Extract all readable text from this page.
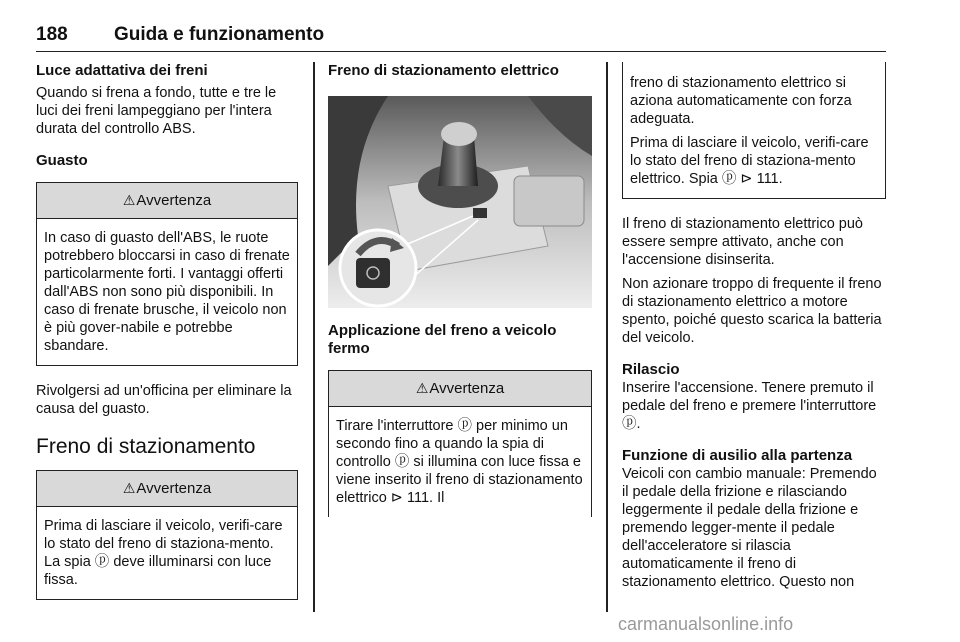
188 Guida e funzionamento
Luce adattativa dei freni
Quando si frena a fondo, tutte e tre le luci dei freni lampeggiano per l'intera durata del controllo ABS.
Guasto
⚠ Avvertenza
In caso di guasto dell'ABS, le ruote potrebbero bloccarsi in caso di frenate particolarmente forti. I vantaggi offerti dall'ABS non sono più disponibili. In caso di frenate brusche, il veicolo non è più gover-nabile e potrebbe sbandare.
Rivolgersi ad un'officina per eliminare la causa del guasto.
Freno di stazionamento
⚠ Avvertenza
Prima di lasciare il veicolo, verifi-care lo stato del freno di staziona-mento. La spia ⓟ deve illuminarsi con luce fissa.
Freno di stazionamento elettrico
Applicazione del freno a veicolo fermo
⚠ Avvertenza
Tirare l'interruttore ⓟ per minimo un secondo fino a quando la spia di controllo ⓟ si illumina con luce fissa e viene inserito il freno di stazionamento elettrico ⊳ 111. Il
freno di stazionamento elettrico si aziona automaticamente con forza adeguata.
Prima di lasciare il veicolo, verifi-care lo stato del freno di staziona-mento elettrico. Spia ⓟ ⊳ 111.
Il freno di stazionamento elettrico può essere sempre attivato, anche con l'accensione disinserita.
Non azionare troppo di frequente il freno di stazionamento elettrico a motore spento, poiché questo scarica la batteria del veicolo.
Rilascio
Inserire l'accensione. Tenere premuto il pedale del freno e premere l'interruttore ⓟ.
Funzione di ausilio alla partenza
Veicoli con cambio manuale: Premendo il pedale della frizione e rilasciando leggermente il pedale della frizione e premendo legger-mente il pedale dell'acceleratore si rilascia automaticamente il freno di stazionamento elettrico. Questo non
carmanualsonline.info
